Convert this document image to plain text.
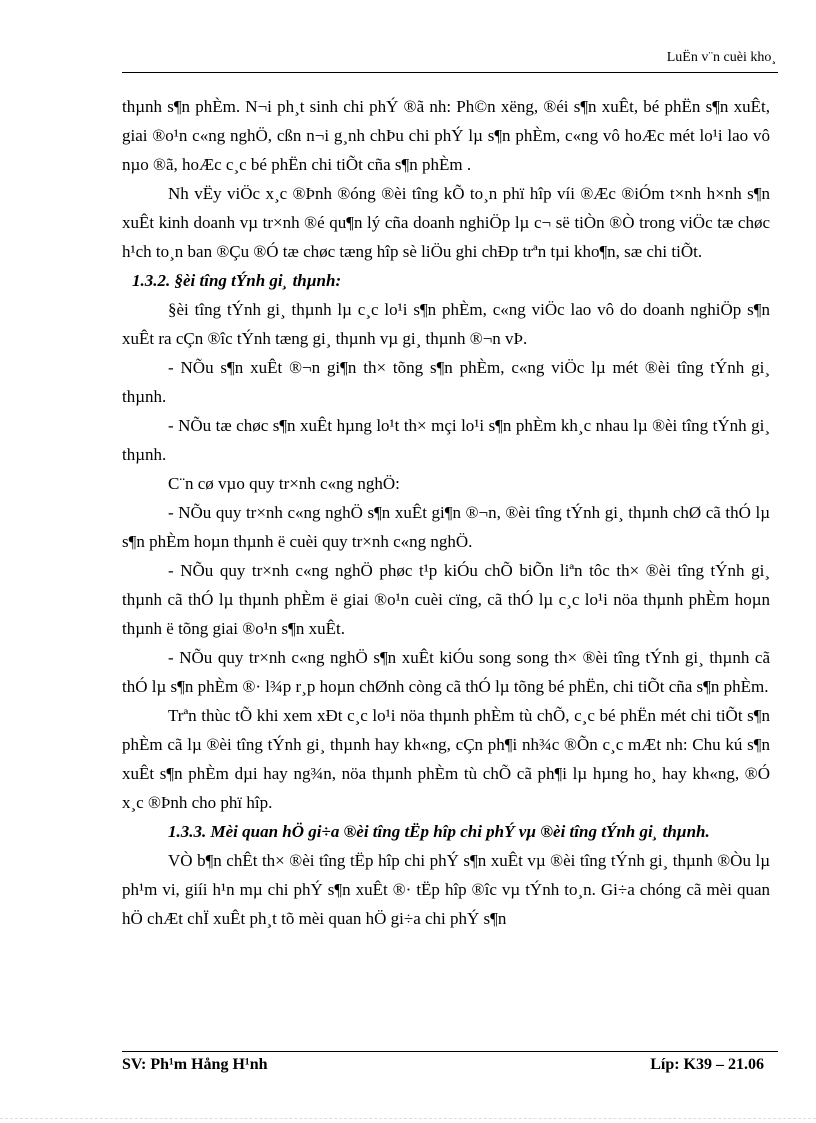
LuËn v¨n cuèi kho¸

thµnh s¶n phÈm. N¬i ph¸t sinh chi phÝ ®ã nh: Ph©n xëng, ®éi s¶n xuÊt, bé phËn s¶n xuÊt, giai ®o¹n c«ng nghÖ, cßn n¬i g¸nh chÞu chi phÝ lµ s¶n phÈm, c«ng vô hoÆc mét lo¹i lao vô nµo ®ã, hoÆc c¸c bé phËn chi tiÕt cña s¶n phÈm .

Nh vËy viÖc x¸c ®Þnh ®óng ®èi tîng kÕ to¸n phï hîp víi ®Æc ®iÓm t×nh h×nh s¶n xuÊt kinh doanh vµ tr×nh ®é qu¶n lý cña doanh nghiÖp lµ c¬ së tiÒn ®Ò trong viÖc tæ chøc h¹ch to¸n ban ®Çu ®Ó tæ chøc tæng hîp sè liÖu ghi chÐp trªn tµi kho¶n, sæ chi tiÕt.

1.3.2. §èi tîng tÝnh gi¸ thµnh:

§èi tîng tÝnh gi¸ thµnh lµ c¸c lo¹i s¶n phÈm, c«ng viÖc lao vô do doanh nghiÖp s¶n xuÊt ra cÇn ®îc tÝnh tæng gi¸ thµnh vµ gi¸ thµnh ®¬n vÞ.

- NÕu s¶n xuÊt ®¬n gi¶n th× tõng s¶n phÈm, c«ng viÖc lµ mét ®èi tîng tÝnh gi¸ thµnh.

- NÕu tæ chøc s¶n xuÊt hµng lo¹t th× mçi lo¹i s¶n phÈm kh¸c nhau lµ ®èi tîng tÝnh gi¸ thµnh.

C¨n cø vµo quy tr×nh c«ng nghÖ:

- NÕu quy tr×nh c«ng nghÖ s¶n xuÊt gi¶n ®¬n, ®èi tîng tÝnh gi¸ thµnh chØ cã thÓ lµ s¶n phÈm hoµn thµnh ë cuèi quy tr×nh c«ng nghÖ.

- NÕu quy tr×nh c«ng nghÖ phøc t¹p kiÓu chÕ biÕn liªn tôc th× ®èi tîng tÝnh gi¸ thµnh cã thÓ lµ thµnh phÈm ë giai ®o¹n cuèi cïng, cã thÓ lµ c¸c lo¹i nöa thµnh phÈm hoµn thµnh ë tõng giai ®o¹n s¶n xuÊt.

- NÕu quy tr×nh c«ng nghÖ s¶n xuÊt kiÓu song song th× ®èi tîng tÝnh gi¸ thµnh cã thÓ lµ s¶n phÈm ®· l¾p r¸p hoµn chØnh còng cã thÓ lµ tõng bé phËn, chi tiÕt cña s¶n phÈm.

Trªn thùc tÕ khi xem xÐt c¸c lo¹i nöa thµnh phÈm tù chÕ, c¸c bé phËn mét chi tiÕt s¶n phÈm cã lµ ®èi tîng tÝnh gi¸ thµnh hay kh«ng, cÇn ph¶i nh¾c ®Õn c¸c mÆt nh: Chu kú s¶n xuÊt s¶n phÈm dµi hay ng¾n, nöa thµnh phÈm tù chÕ cã ph¶i lµ hµng ho¸ hay kh«ng, ®Ó x¸c ®Þnh cho phï hîp.

1.3.3. Mèi quan hÖ gi÷a ®èi tîng tËp hîp chi phÝ vµ ®èi tîng tÝnh gi¸ thµnh.

VÒ b¶n chÊt th× ®èi tîng tËp hîp chi phÝ s¶n xuÊt vµ ®èi tîng tÝnh gi¸ thµnh ®Òu lµ ph¹m vi, giíi h¹n mµ chi phÝ s¶n xuÊt ®· tËp hîp ®îc vµ tÝnh to¸n. Gi÷a chóng cã mèi quan hÖ chÆt chÏ xuÊt ph¸t tõ mèi quan hÖ gi÷a chi phÝ s¶n

SV: Ph¹m Hång H¹nh	Líp: K39 – 21.06
